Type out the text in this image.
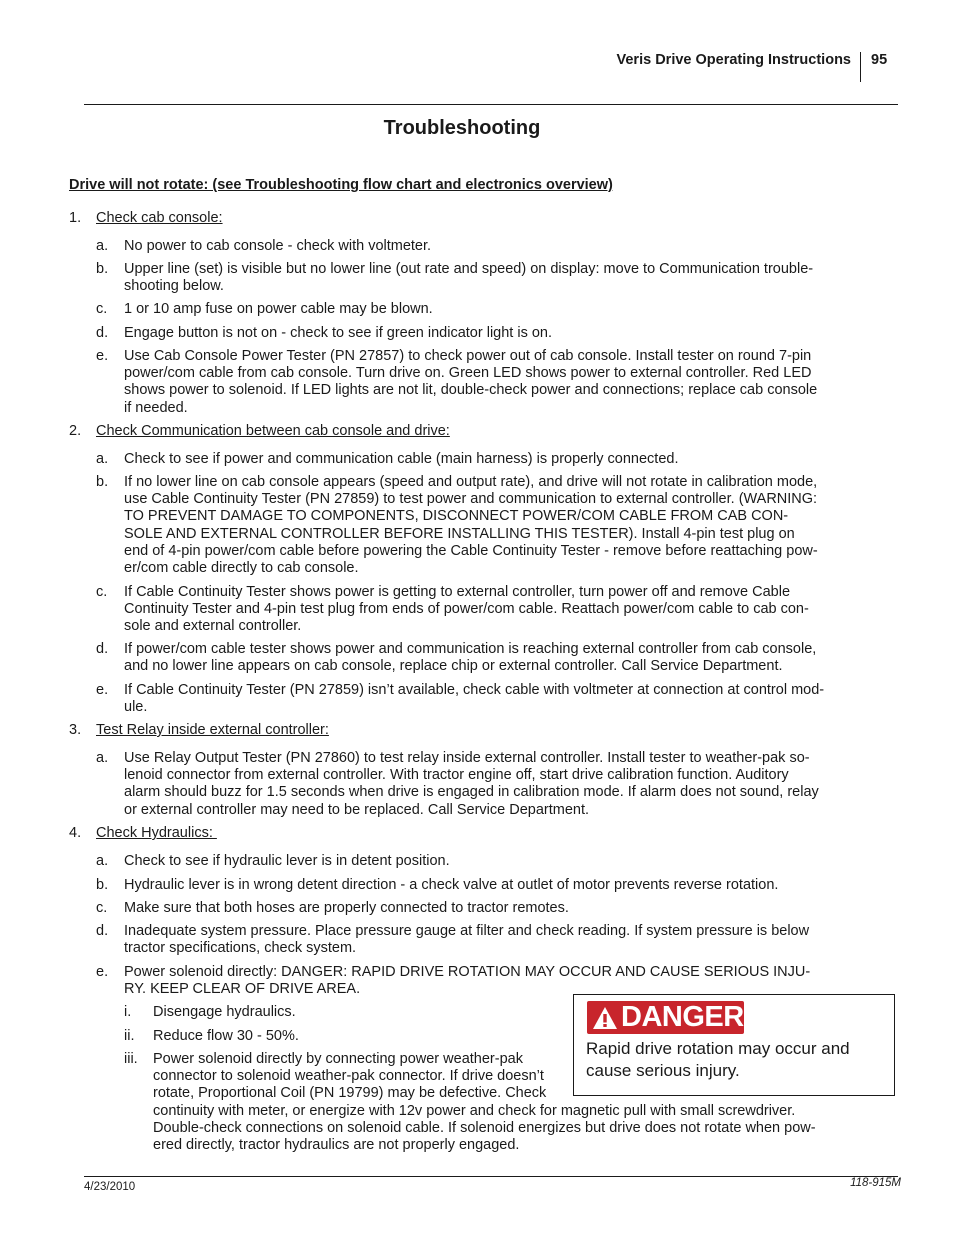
Veris Drive Operating Instructions 95
Troubleshooting
Drive will not rotate: (see Troubleshooting flow chart and electronics overview)
1. Check cab console:
a. No power to cab console - check with voltmeter.
b. Upper line (set) is visible but no lower line (out rate and speed) on display: move to Communication trouble-
shooting below.
c. 1 or 10 amp fuse on power cable may be blown.
d. Engage button is not on - check to see if green indicator light is on.
e. Use Cab Console Power Tester (PN 27857) to check power out of cab console. Install tester on round 7-pin
power/com cable from cab console. Turn drive on. Green LED shows power to external controller. Red LED
shows power to solenoid. If LED lights are not lit, double-check power and connections; replace cab console
if needed.
2. Check Communication between cab console and drive:
a. Check to see if power and communication cable (main harness) is properly connected.
b. If no lower line on cab console appears (speed and output rate), and drive will not rotate in calibration mode,
use Cable Continuity Tester (PN 27859) to test power and communication to external controller. (WARNING:
TO PREVENT DAMAGE TO COMPONENTS, DISCONNECT POWER/COM CABLE FROM CAB CON-
SOLE AND EXTERNAL CONTROLLER BEFORE INSTALLING THIS TESTER). Install 4-pin test plug on
end of 4-pin power/com cable before powering the Cable Continuity Tester - remove before reattaching pow-
er/com cable directly to cab console.
c. If Cable Continuity Tester shows power is getting to external controller, turn power off and remove Cable
Continuity Tester and 4-pin test plug from ends of power/com cable. Reattach power/com cable to cab con-
sole and external controller.
d. If power/com cable tester shows power and communication is reaching external controller from cab console,
and no lower line appears on cab console, replace chip or external controller. Call Service Department.
e. If Cable Continuity Tester (PN 27859) isn’t available, check cable with voltmeter at connection at control mod-
ule.
3. Test Relay inside external controller:
a. Use Relay Output Tester (PN 27860) to test relay inside external controller. Install tester to weather-pak so-
lenoid connector from external controller. With tractor engine off, start drive calibration function. Auditory
alarm should buzz for 1.5 seconds when drive is engaged in calibration mode. If alarm does not sound, relay
or external controller may need to be replaced. Call Service Department.
4. Check Hydraulics:
a. Check to see if hydraulic lever is in detent position.
b. Hydraulic lever is in wrong detent direction - a check valve at outlet of motor prevents reverse rotation.
c. Make sure that both hoses are properly connected to tractor remotes.
d. Inadequate system pressure. Place pressure gauge at filter and check reading. If system pressure is below
tractor specifications, check system.
e. Power solenoid directly: DANGER: RAPID DRIVE ROTATION MAY OCCUR AND CAUSE SERIOUS INJU-
RY. KEEP CLEAR OF DRIVE AREA.
i. Disengage hydraulics.
ii. Reduce flow 30 - 50%.
iii. Power solenoid directly by connecting power weather-pak
connector to solenoid weather-pak connector. If drive doesn’t
rotate, Proportional Coil (PN 19799) may be defective. Check
continuity with meter, or energize with 12v power and check for magnetic pull with small screwdriver.
Double-check connections on solenoid cable. If solenoid energizes but drive does not rotate when pow-
ered directly, tractor hydraulics are not properly engaged.
DANGER
Rapid drive rotation may occur and
cause serious injury.
4/23/2010	118-915M
